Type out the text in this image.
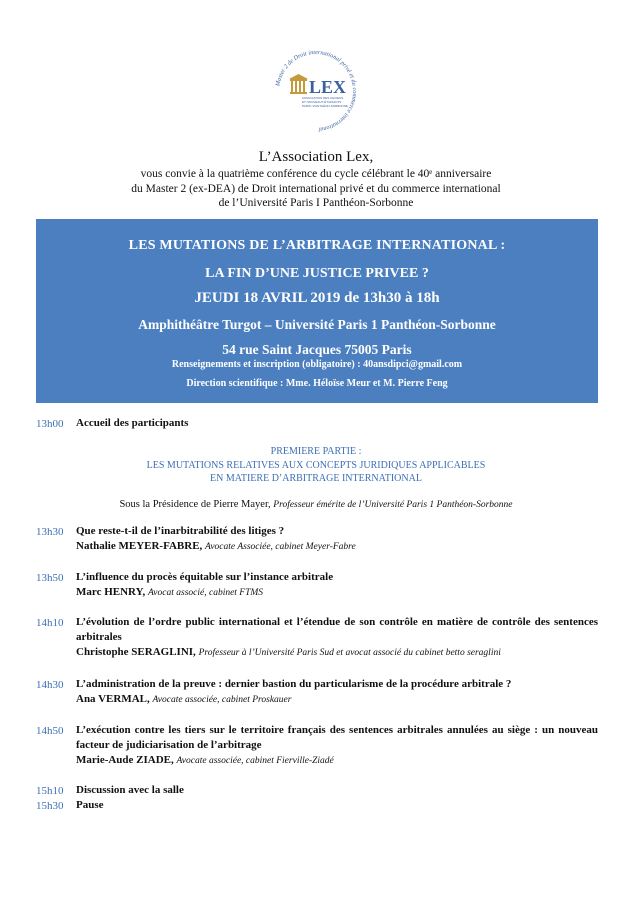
Master 2 de Droit international privé et du commerce international
LEX
ASSOCIATION DES ANCIENS
ET NOUVEAUX ÉTUDIANTS
PARIS I PANTHÉON-SORBONNE
L’Association Lex,
vous convie à la quatrième conférence du cycle célébrant le 40ᵉ anniversaire
du Master 2 (ex-DEA) de Droit international privé et du commerce international
de l’Université Paris I Panthéon-Sorbonne
LES MUTATIONS DE L’ARBITRAGE INTERNATIONAL :
LA FIN D’UNE JUSTICE PRIVEE ?
JEUDI 18 AVRIL 2019 de 13h30 à 18h
Amphithéâtre Turgot – Université Paris 1 Panthéon-Sorbonne
54 rue Saint Jacques 75005 Paris
Renseignements et inscription (obligatoire) : 40ansdipci@gmail.com
Direction scientifique : Mme. Héloïse Meur et M. Pierre Feng
13h00 Accueil des participants
PREMIERE PARTIE :
LES MUTATIONS RELATIVES AUX CONCEPTS JURIDIQUES APPLICABLES
EN MATIERE D’ARBITRAGE INTERNATIONAL
Sous la Présidence de Pierre Mayer, Professeur émérite de l’Université Paris 1 Panthéon-Sorbonne
13h30 Que reste-t-il de l’inarbitrabilité des litiges ?
Nathalie MEYER-FABRE, Avocate Associée, cabinet Meyer-Fabre
13h50 L’influence du procès équitable sur l’instance arbitrale
Marc HENRY, Avocat associé, cabinet FTMS
14h10 L’évolution de l’ordre public international et l’étendue de son contrôle en matière de contrôle des sentences arbitrales
Christophe SERAGLINI, Professeur à l’Université Paris Sud et avocat associé du cabinet betto seraglini
14h30 L’administration de la preuve : dernier bastion du particularisme de la procédure arbitrale ?
Ana VERMAL, Avocate associée, cabinet Proskauer
14h50 L’exécution contre les tiers sur le territoire français des sentences arbitrales annulées au siège : un nouveau facteur de judiciarisation de l’arbitrage
Marie-Aude ZIADE, Avocate associée, cabinet Fierville-Ziadé
15h10 Discussion avec la salle
15h30 Pause
